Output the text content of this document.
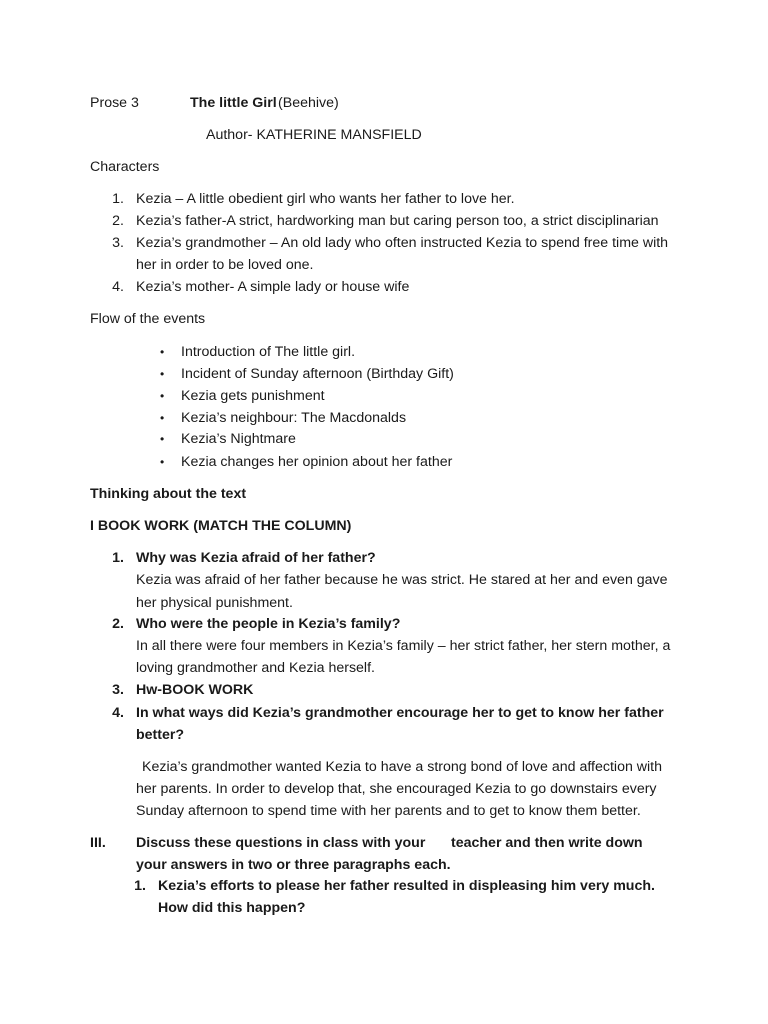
Prose 3	The little Girl (Beehive)
Author- KATHERINE MANSFIELD
Characters
1. Kezia – A little obedient girl who wants her father to love her.
2. Kezia’s father-A strict, hardworking man but caring person too, a strict disciplinarian
3. Kezia’s grandmother – An old lady who often instructed Kezia to spend free time with
her in order to be loved one.
4. Kezia’s mother- A simple lady or house wife
Flow of the events
• Introduction of The little girl.
• Incident of Sunday afternoon (Birthday Gift)
• Kezia gets punishment
• Kezia’s neighbour: The Macdonalds
• Kezia’s Nightmare
• Kezia changes her opinion about her father
Thinking about the text
I BOOK WORK (MATCH THE COLUMN)
1. Why was Kezia afraid of her father?
Kezia was afraid of her father because he was strict. He stared at her and even gave
her physical punishment.
2. Who were the people in Kezia’s family?
In all there were four members in Kezia’s family – her strict father, her stern mother, a
loving grandmother and Kezia herself.
3. Hw-BOOK WORK
4. In what ways did Kezia’s grandmother encourage her to get to know her father
better?
Kezia’s grandmother wanted Kezia to have a strong bond of love and affection with
her parents. In order to develop that, she encouraged Kezia to go downstairs every
Sunday afternoon to spend time with her parents and to get to know them better.
III. Discuss these questions in class with your teacher and then write down
your answers in two or three paragraphs each.
1. Kezia’s efforts to please her father resulted in displeasing him very much.
How did this happen?
